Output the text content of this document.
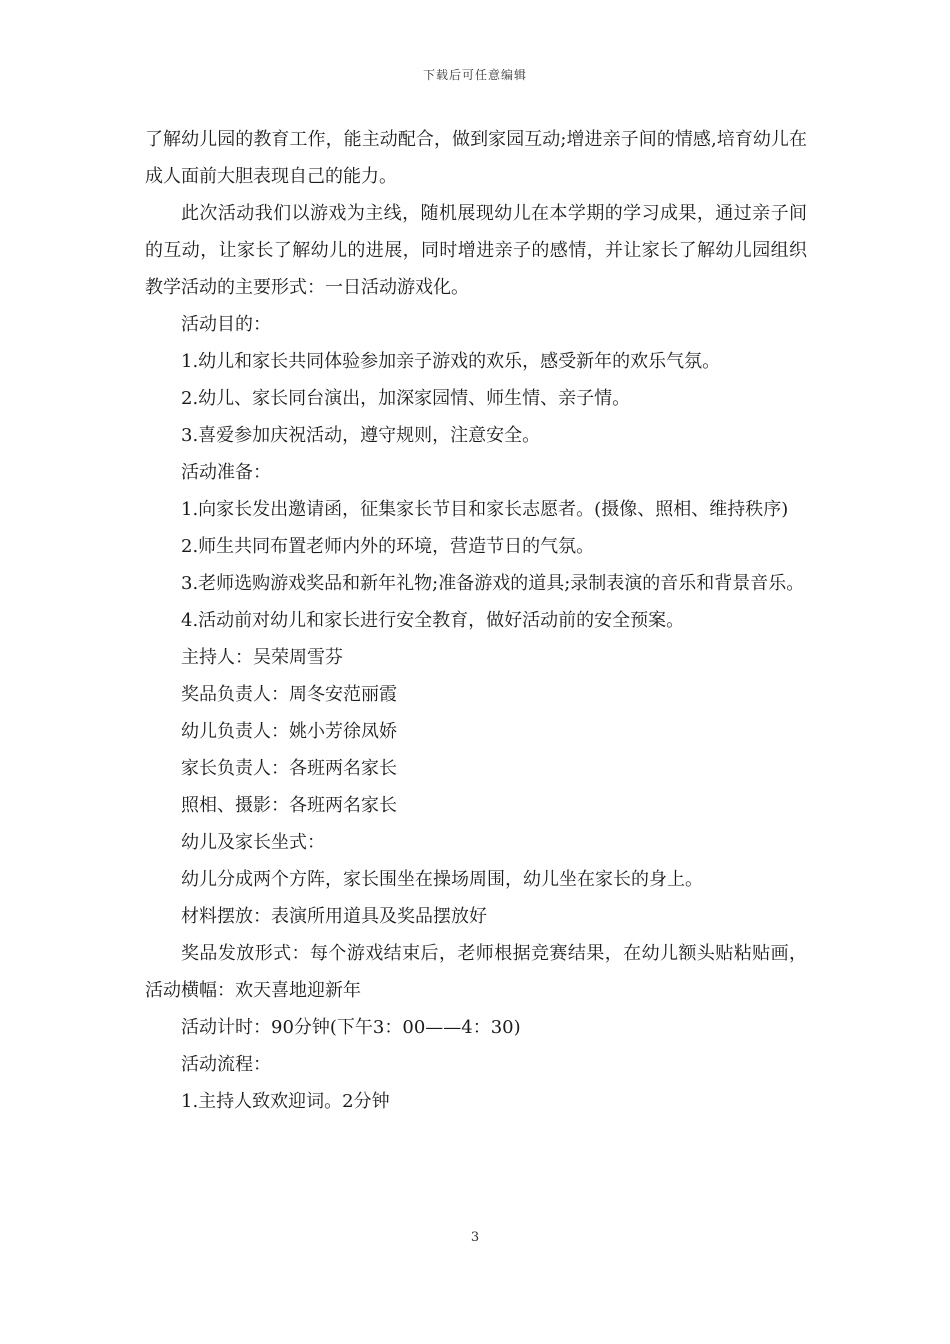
下载后可任意编辑

了解幼儿园的教育工作，能主动配合，做到家园互动;增进亲子间的情感,培育幼儿在成人面前大胆表现自己的能力。

此次活动我们以游戏为主线，随机展现幼儿在本学期的学习成果，通过亲子间的互动，让家长了解幼儿的进展，同时增进亲子的感情，并让家长了解幼儿园组织教学活动的主要形式：一日活动游戏化。

活动目的：

1.幼儿和家长共同体验参加亲子游戏的欢乐，感受新年的欢乐气氛。

2.幼儿、家长同台演出，加深家园情、师生情、亲子情。

3.喜爱参加庆祝活动，遵守规则，注意安全。

活动准备：

1.向家长发出邀请函，征集家长节目和家长志愿者。(摄像、照相、维持秩序)

2.师生共同布置老师内外的环境，营造节日的气氛。

3.老师选购游戏奖品和新年礼物;准备游戏的道具;录制表演的音乐和背景音乐。

4.活动前对幼儿和家长进行安全教育，做好活动前的安全预案。

主持人：吴荣周雪芬

奖品负责人：周冬安范丽霞

幼儿负责人：姚小芳徐凤娇

家长负责人：各班两名家长

照相、摄影：各班两名家长

幼儿及家长坐式：

幼儿分成两个方阵，家长围坐在操场周围，幼儿坐在家长的身上。

材料摆放：表演所用道具及奖品摆放好

奖品发放形式：每个游戏结束后，老师根据竞赛结果，在幼儿额头贴粘贴画，活动横幅：欢天喜地迎新年

活动计时：90分钟(下午3：00——4：30)

活动流程：

1.主持人致欢迎词。2分钟

3
